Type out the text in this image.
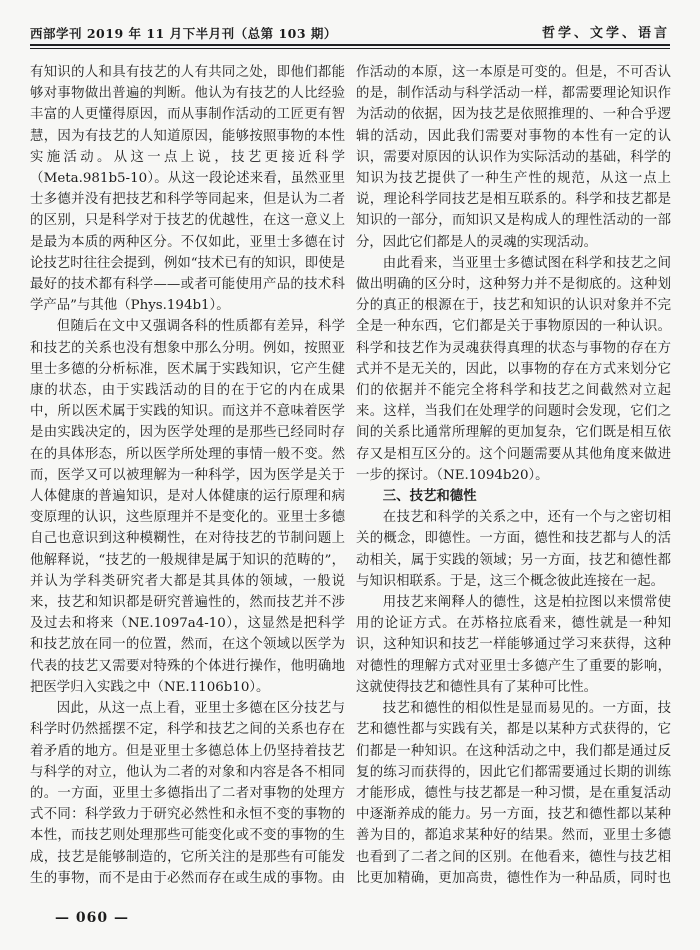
西部学刊 2019 年 11 月下半月刊（总第 103 期）	哲学、文学、语言

有知识的人和具有技艺的人有共同之处，即他们都能够对事物做出普遍的判断。他认为有技艺的人比经验丰富的人更懂得原因，而从事制作活动的工匠更有智慧，因为有技艺的人知道原因，能够按照事物的本性实施活动。从这一点上说，技艺更接近科学（Meta.981b5-10）。从这一段论述来看，虽然亚里士多德并没有把技艺和科学等同起来，但是认为二者的区别，只是科学对于技艺的优越性，在这一意义上是最为本质的两种区分。不仅如此，亚里士多德在讨论技艺时往往会提到，例如“技术已有的知识，即使是最好的技术都有科学——或者可能使用产品的技术科学产品”与其他（Phys.194b1）。

但随后在文中又强调各科的性质都有差异，科学和技艺的关系也没有想象中那么分明。例如，按照亚里士多德的分析标准，医术属于实践知识，它产生健康的状态，由于实践活动的目的在于它的内在成果中，所以医术属于实践的知识。而这并不意味着医学是由实践决定的，因为医学处理的是那些已经同时存在的具体形态，所以医学所处理的事情一般不变。然而，医学又可以被理解为一种科学，因为医学是关于人体健康的普遍知识，是对人体健康的运行原理和病变原理的认识，这些原理并不是变化的。亚里士多德自己也意识到这种模糊性，在对待技艺的节制问题上他解释说，“技艺的一般规律是属于知识的范畴的”，并认为学科类研究者大都是其具体的领域，一般说来，技艺和知识都是研究普遍性的，然而技艺并不涉及过去和将来（NE.1097a4-10），这显然是把科学和技艺放在同一的位置，然而，在这个领域以医学为代表的技艺又需要对特殊的个体进行操作，他明确地把医学归入实践之中（NE.1106b10）。

因此，从这一点上看，亚里士多德在区分技艺与科学时仍然摇摆不定，科学和技艺之间的关系也存在着矛盾的地方。但是亚里士多德总体上仍坚持着技艺与科学的对立，他认为二者的对象和内容是各不相同的。一方面，亚里士多德指出了二者对事物的处理方式不同：科学致力于研究必然性和永恒不变的事物的本性，而技艺则处理那些可能变化或不变的事物的生成，技艺是能够制造的，它所关注的是那些有可能发生的事物，而不是由于必然而存在或生成的事物。由

作活动的本原，这一本原是可变的。但是，不可否认的是，制作活动与科学活动一样，都需要理论知识作为活动的依据，因为技艺是依照推理的、一种合乎逻辑的活动，因此我们需要对事物的本性有一定的认识，需要对原因的认识作为实际活动的基础，科学的知识为技艺提供了一种生产性的规范，从这一点上说，理论科学同技艺是相互联系的。科学和技艺都是知识的一部分，而知识又是构成人的理性活动的一部分，因此它们都是人的灵魂的实现活动。

由此看来，当亚里士多德试图在科学和技艺之间做出明确的区分时，这种努力并不是彻底的。这种划分的真正的根源在于，技艺和知识的认识对象并不完全是一种东西，它们都是关于事物原因的一种认识。科学和技艺作为灵魂获得真理的状态与事物的存在方式并不是无关的，因此，以事物的存在方式来划分它们的依据并不能完全将科学和技艺之间截然对立起来。这样，当我们在处理学的问题时会发现，它们之间的关系比通常所理解的更加复杂，它们既是相互依存又是相互区分的。这个问题需要从其他角度来做进一步的探讨。（NE.1094b20）。

三、技艺和德性

在技艺和科学的关系之中，还有一个与之密切相关的概念，即德性。一方面，德性和技艺都与人的活动相关，属于实践的领域；另一方面，技艺和德性都与知识相联系。于是，这三个概念彼此连接在一起。

用技艺来阐释人的德性，这是柏拉图以来惯常使用的论证方式。在苏格拉底看来，德性就是一种知识，这种知识和技艺一样能够通过学习来获得，这种对德性的理解方式对亚里士多德产生了重要的影响，这就使得技艺和德性具有了某种可比性。

技艺和德性的相似性是显而易见的。一方面，技艺和德性都与实践有关，都是以某种方式获得的，它们都是一种知识。在这种活动之中，我们都是通过反复的练习而获得的，因此它们都需要通过长期的训练才能形成，德性与技艺都是一种习惯，是在重复活动中逐渐养成的能力。另一方面，技艺和德性都以某种善为目的，都追求某种好的结果。然而，亚里士多德也看到了二者之间的区别。在他看来，德性与技艺相比更加精确，更加高贵，德性作为一种品质，同时也

— 060 —
